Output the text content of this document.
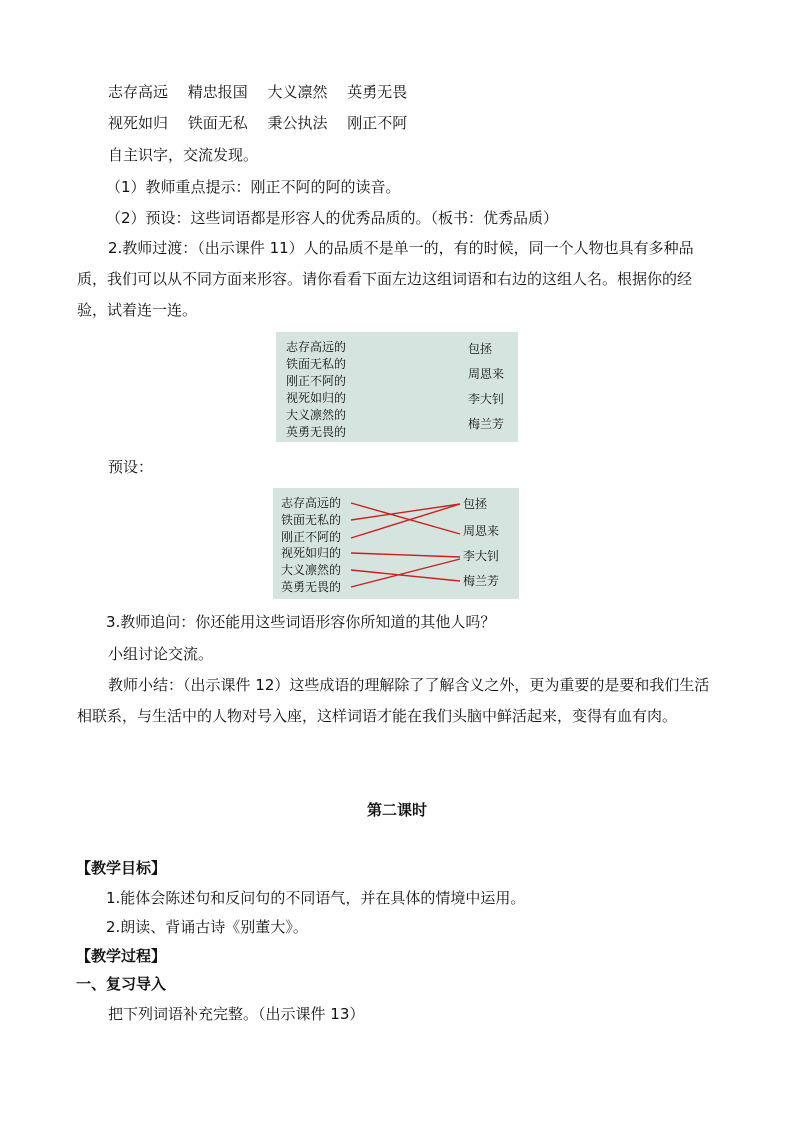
志存高远　 精忠报国　 大义凛然　 英勇无畏
视死如归　 铁面无私　 秉公执法　 刚正不阿
自主识字，交流发现。
（1）教师重点提示：刚正不阿的阿的读音。
（2）预设：这些词语都是形容人的优秀品质的。（板书：优秀品质）
2.教师过渡：（出示课件 11）人的品质不是单一的，有的时候，同一个人物也具有多种品质，我们可以从不同方面来形容。请你看看下面左边这组词语和右边的这组人名。根据你的经验，试着连一连。
志存高远的
铁面无私的
刚正不阿的
视死如归的
大义凛然的
英勇无畏的
包拯
周恩来
李大钊
梅兰芳
预设：
志存高远的
铁面无私的
刚正不阿的
视死如归的
大义凛然的
英勇无畏的
包拯
周恩来
李大钊
梅兰芳
3.教师追问：你还能用这些词语形容你所知道的其他人吗？
小组讨论交流。
教师小结：（出示课件 12）这些成语的理解除了了解含义之外，更为重要的是要和我们生活相联系，与生活中的人物对号入座，这样词语才能在我们头脑中鲜活起来，变得有血有肉。
第二课时
【教学目标】
1.能体会陈述句和反问句的不同语气，并在具体的情境中运用。
2.朗读、背诵古诗《别董大》。
【教学过程】
一、复习导入
把下列词语补充完整。（出示课件 13）
